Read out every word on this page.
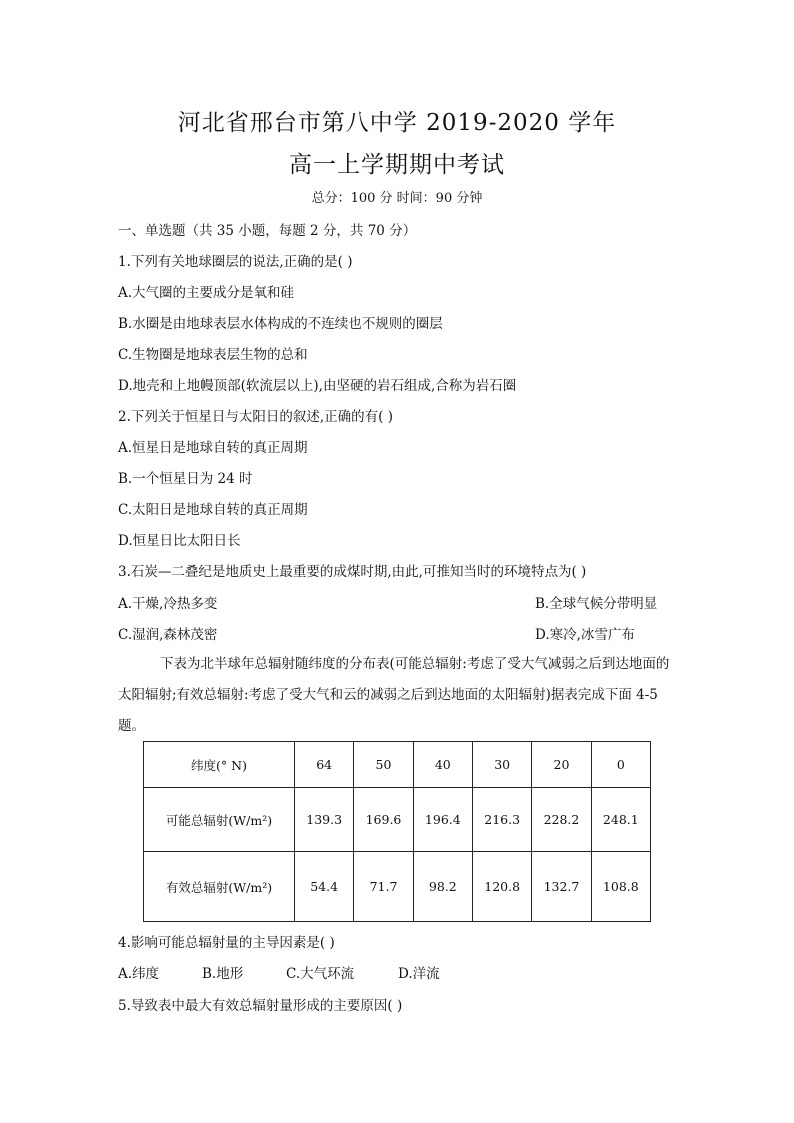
河北省邢台市第八中学 2019-2020 学年
高一上学期期中考试
总分：100 分 时间：90 分钟
一、单选题（共 35 小题，每题 2 分，共 70 分）
1.下列有关地球圈层的说法,正确的是( )
A.大气圈的主要成分是氧和硅
B.水圈是由地球表层水体构成的不连续也不规则的圈层
C.生物圈是地球表层生物的总和
D.地壳和上地幔顶部(软流层以上),由坚硬的岩石组成,合称为岩石圈
2.下列关于恒星日与太阳日的叙述,正确的有( )
A.恒星日是地球自转的真正周期
B.一个恒星日为 24 时
C.太阳日是地球自转的真正周期
D.恒星日比太阳日长
3.石炭—二叠纪是地质史上最重要的成煤时期,由此,可推知当时的环境特点为( )
A.干燥,冷热多变	B.全球气候分带明显
C.湿润,森林茂密	D.寒冷,冰雪广布
下表为北半球年总辐射随纬度的分布表(可能总辐射:考虑了受大气减弱之后到达地面的太阳辐射;有效总辐射:考虑了受大气和云的减弱之后到达地面的太阳辐射)据表完成下面 4-5 题。
纬度(° N)	64	50	40	30	20	0
可能总辐射(W/m²)	139.3	169.6	196.4	216.3	228.2	248.1
有效总辐射(W/m²)	54.4	71.7	98.2	120.8	132.7	108.8
4.影响可能总辐射量的主导因素是( )
A.纬度	B.地形	C.大气环流	D.洋流
5.导致表中最大有效总辐射量形成的主要原因( )
